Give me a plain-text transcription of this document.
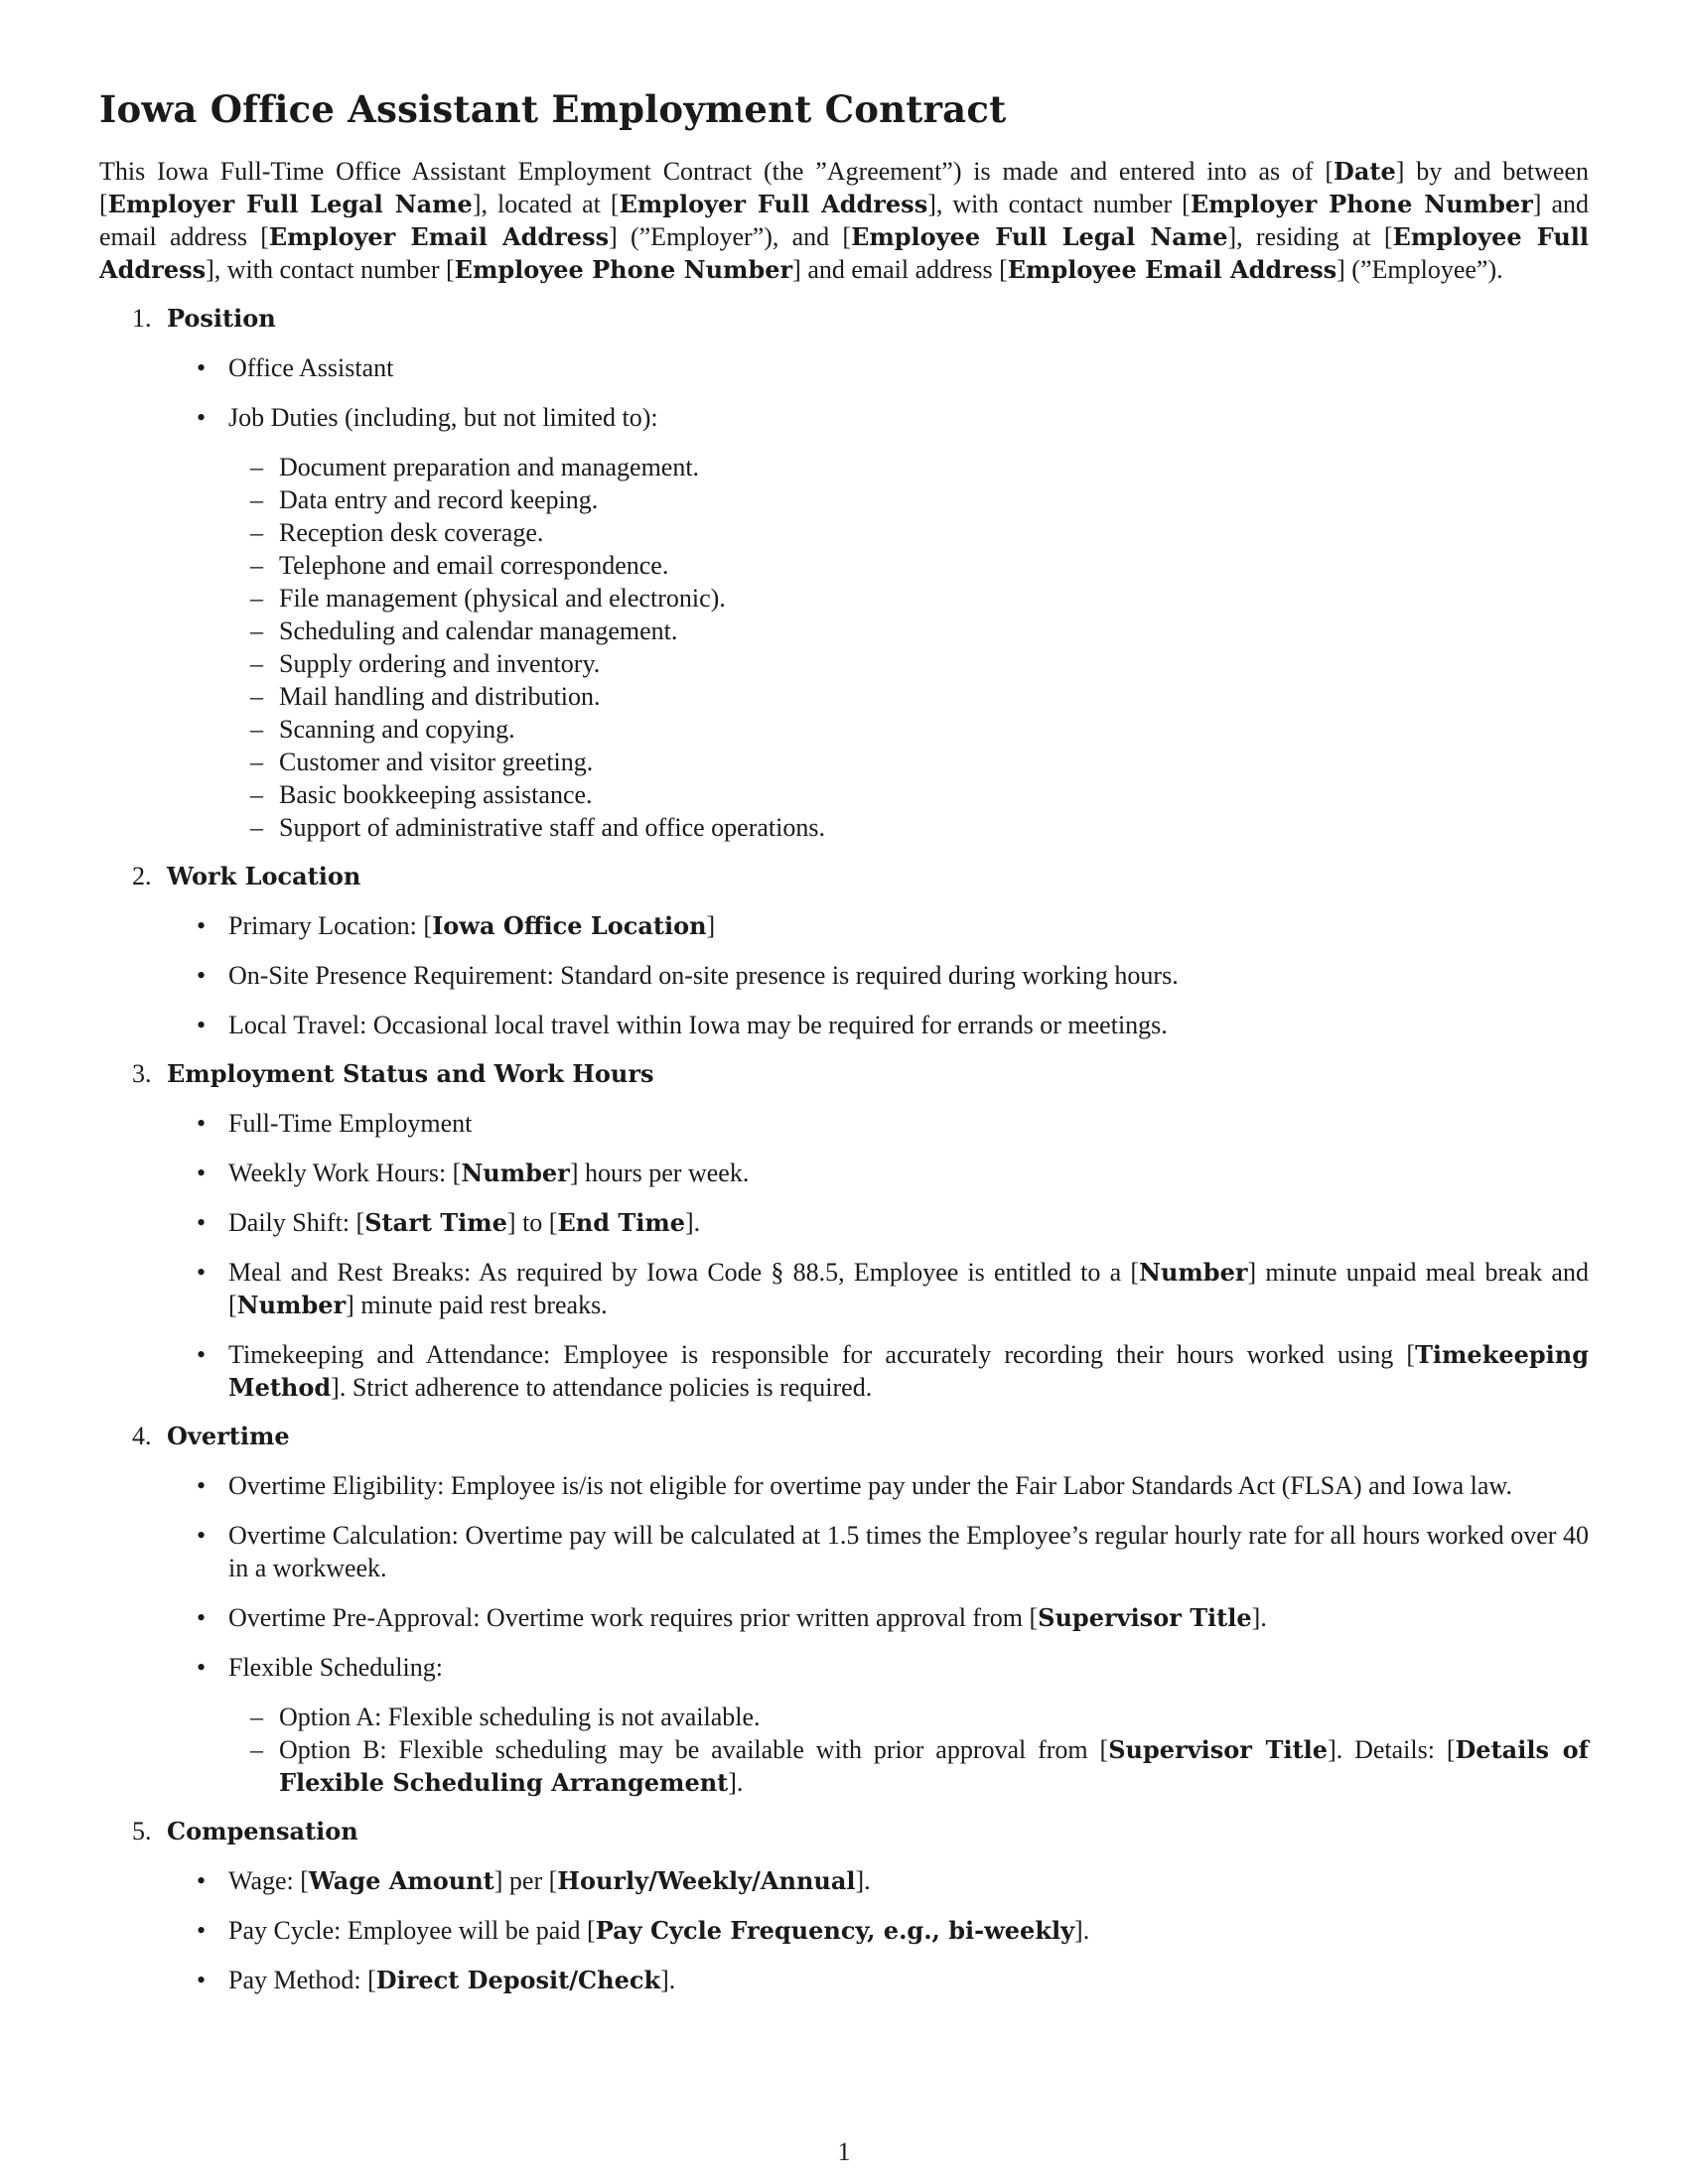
Iowa Office Assistant Employment Contract

This Iowa Full-Time Office Assistant Employment Contract (the ”Agreement”) is made and entered into as of [Date] by and between [Employer Full Legal Name], located at [Employer Full Address], with contact number [Employer Phone Number] and email address [Employer Email Address] (”Employer”), and [Employee Full Legal Name], residing at [Employee Full Address], with contact number [Employee Phone Number] and email address [Employee Email Address] (”Employee”).

1. Position
• Office Assistant
• Job Duties (including, but not limited to):
– Document preparation and management.
– Data entry and record keeping.
– Reception desk coverage.
– Telephone and email correspondence.
– File management (physical and electronic).
– Scheduling and calendar management.
– Supply ordering and inventory.
– Mail handling and distribution.
– Scanning and copying.
– Customer and visitor greeting.
– Basic bookkeeping assistance.
– Support of administrative staff and office operations.
2. Work Location
• Primary Location: [Iowa Office Location]
• On-Site Presence Requirement: Standard on-site presence is required during working hours.
• Local Travel: Occasional local travel within Iowa may be required for errands or meetings.
3. Employment Status and Work Hours
• Full-Time Employment
• Weekly Work Hours: [Number] hours per week.
• Daily Shift: [Start Time] to [End Time].
• Meal and Rest Breaks: As required by Iowa Code § 88.5, Employee is entitled to a [Number] minute unpaid meal break and [Number] minute paid rest breaks.
• Timekeeping and Attendance: Employee is responsible for accurately recording their hours worked using [Timekeeping Method]. Strict adherence to attendance policies is required.
4. Overtime
• Overtime Eligibility: Employee is/is not eligible for overtime pay under the Fair Labor Standards Act (FLSA) and Iowa law.
• Overtime Calculation: Overtime pay will be calculated at 1.5 times the Employee’s regular hourly rate for all hours worked over 40 in a workweek.
• Overtime Pre-Approval: Overtime work requires prior written approval from [Supervisor Title].
• Flexible Scheduling:
– Option A: Flexible scheduling is not available.
– Option B: Flexible scheduling may be available with prior approval from [Supervisor Title]. Details: [Details of Flexible Scheduling Arrangement].
5. Compensation
• Wage: [Wage Amount] per [Hourly/Weekly/Annual].
• Pay Cycle: Employee will be paid [Pay Cycle Frequency, e.g., bi-weekly].
• Pay Method: [Direct Deposit/Check].
1
